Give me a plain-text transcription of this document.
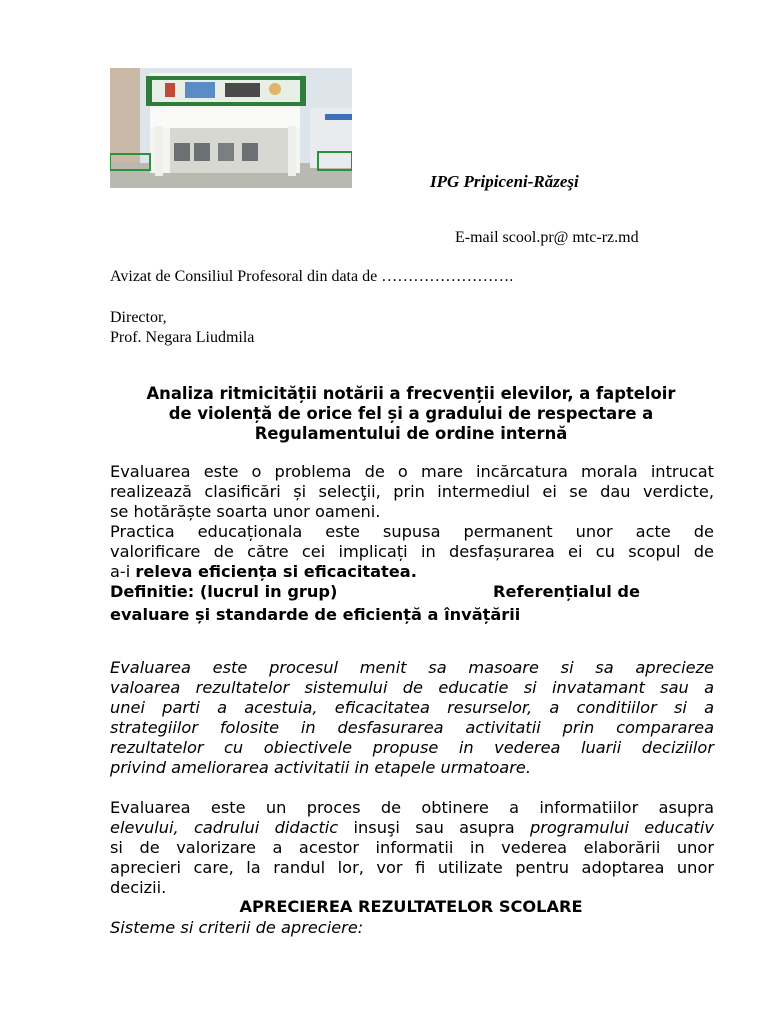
IPG Pripiceni-Răzeşi
E-mail scool.pr@ mtc-rz.md
Avizat de Consiliul Profesoral din data de …………………….
Director,
Prof. Negara Liudmila
Analiza ritmicității notării a frecvenții elevilor, a fapteloir
de violență de orice fel și a gradului de respectare a
Regulamentului de ordine internă
Evaluarea este o problema de o mare incărcatura morala intrucat
realizează clasificări și selecţii, prin intermediul ei se dau verdicte,
se hotărăște soarta unor oameni.
Practica educaționala este supusa permanent unor acte de
valorificare de către cei implicați in desfașurarea ei cu scopul de
a-i releva eficiența si eficacitatea.
Definitie: (lucrul in grup)	Referențialul de
evaluare și standarde de eficiență a învățării
Evaluarea este procesul menit sa masoare si sa aprecieze
valoarea rezultatelor sistemului de educatie si invatamant sau a
unei parti a acestuia, eficacitatea resurselor, a conditiilor si a
strategiilor folosite in desfasurarea activitatii prin compararea
rezultatelor cu obiectivele propuse in vederea luarii deciziilor
privind ameliorarea activitatii in etapele urmatoare.
Evaluarea este un proces de obtinere a informatiilor asupra
elevului, cadrului didactic insuşi sau asupra programului educativ
si de valorizare a acestor informatii in vederea elaborării unor
aprecieri care, la randul lor, vor fi utilizate pentru adoptarea unor
decizii.
APRECIEREA REZULTATELOR SCOLARE
Sisteme si criterii de apreciere:
